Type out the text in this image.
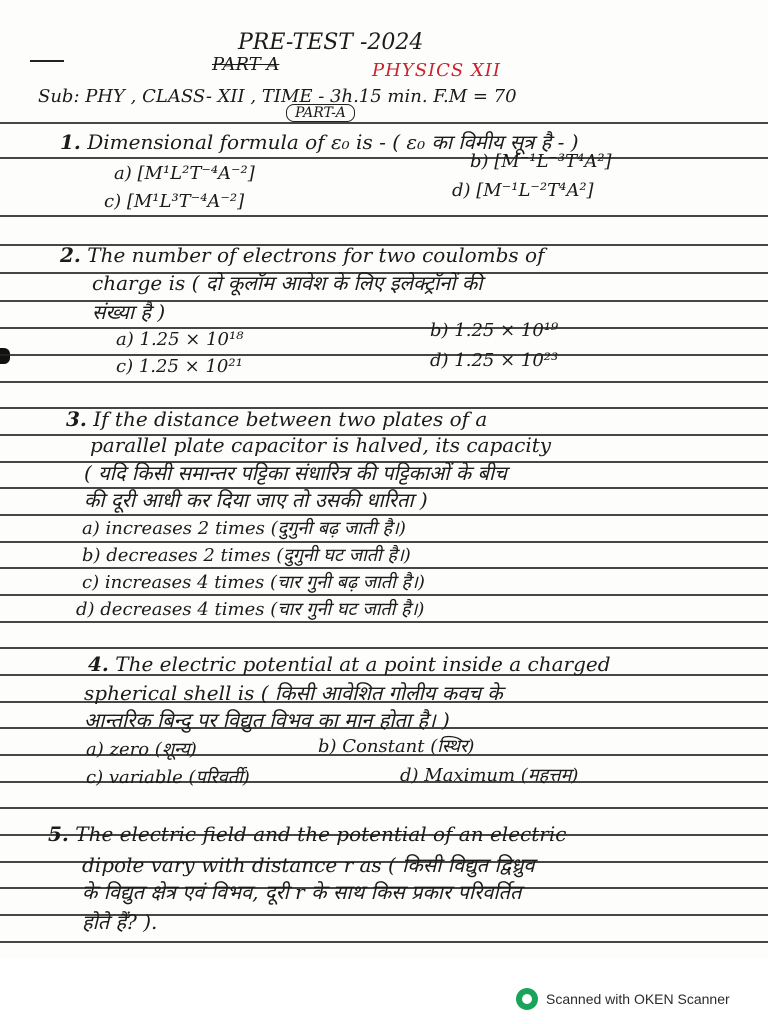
PRE-TEST -2024
PART A	PHYSICS XII
Sub: PHY , CLASS- XII , TIME - 3h.15 min. F.M = 70
PART-A
1. Dimensional formula of ε₀ is - ( ε₀ का विमीय सूत्र है - )
a) [M¹L²T⁻⁴A⁻²]
b) [M⁻¹L⁻³T⁴A²]
c) [M¹L³T⁻⁴A⁻²]
d) [M⁻¹L⁻²T⁴A²]
2. The number of electrons for two coulombs of
charge is ( दो कूलॉम आवेश के लिए इलेक्ट्रॉनों की
संख्या है )
a) 1.25 × 10¹⁸	b) 1.25 × 10¹⁹
c) 1.25 × 10²¹	d) 1.25 × 10²³
3. If the distance between two plates of a
parallel plate capacitor is halved, its capacity
( यदि किसी समान्तर पट्टिका संधारित्र की पट्टिकाओं के बीच
की दूरी आधी कर दिया जाए तो उसकी धारिता )
a) increases 2 times (दुगुनी बढ़ जाती है।)
b) decreases 2 times (दुगुनी घट जाती है।)
c) increases 4 times (चार गुनी बढ़ जाती है।)
d) decreases 4 times (चार गुनी घट जाती है।)
4. The electric potential at a point inside a charged
spherical shell is ( किसी आवेशित गोलीय कवच के
आन्तरिक बिन्दु पर विद्युत विभव का मान होता है। )
a) zero (शून्य)	b) Constant (स्थिर)
c) variable (परिवर्ती)	d) Maximum (महत्तम)
5. The electric field and the potential of an electric
dipole vary with distance r as ( किसी विद्युत द्विध्रुव
के विद्युत क्षेत्र एवं विभव, दूरी r के साथ किस प्रकार परिवर्तित
होते हैं? ).
Scanned with OKEN Scanner
